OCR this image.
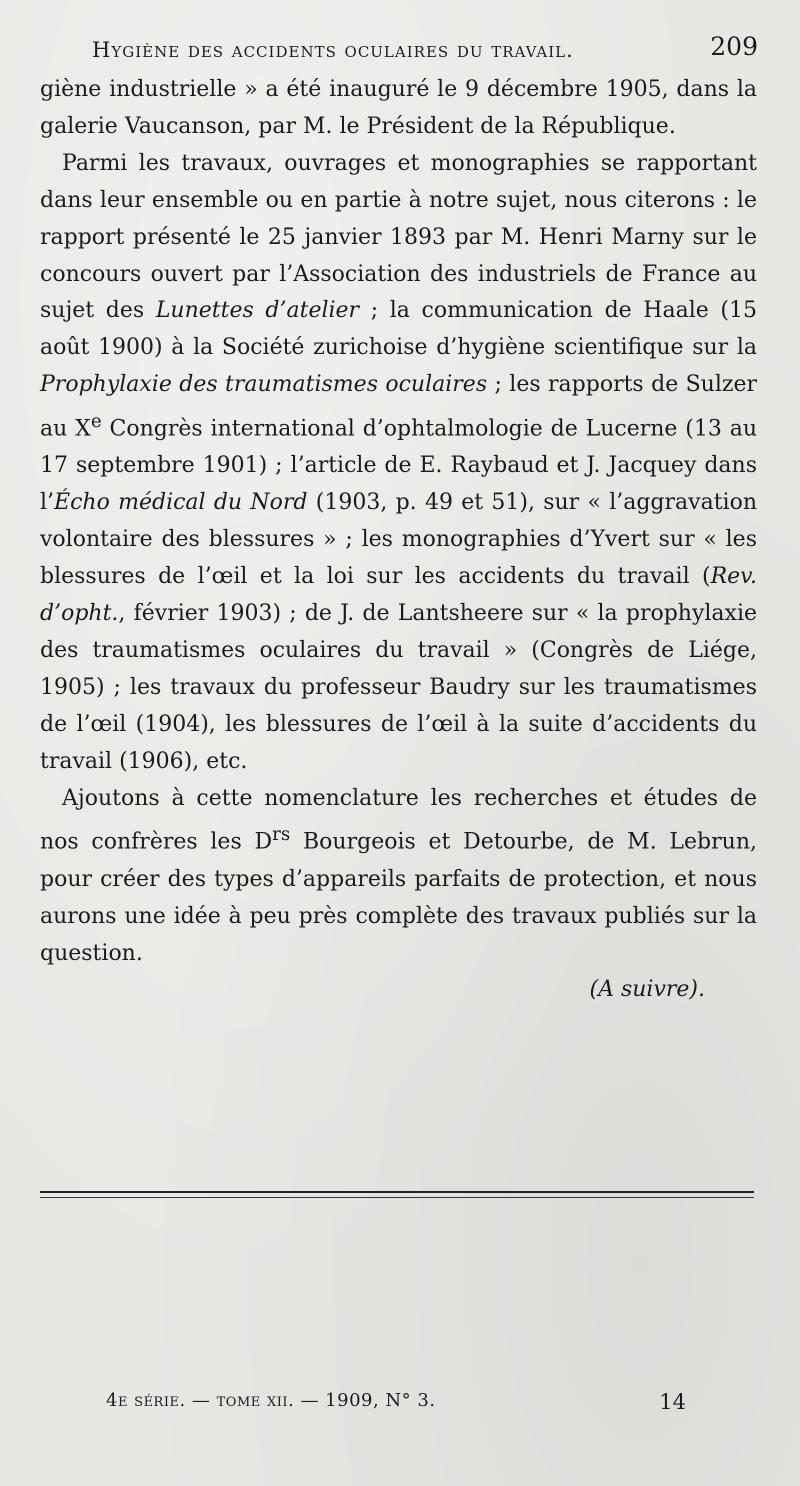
Hygiène des accidents oculaires du travail.	209

giène industrielle » a été inauguré le 9 décembre 1905, dans la galerie Vaucanson, par M. le Président de la République.

Parmi les travaux, ouvrages et monographies se rapportant dans leur ensemble ou en partie à notre sujet, nous citerons : le rapport présenté le 25 janvier 1893 par M. Henri Marny sur le concours ouvert par l’Association des industriels de France au sujet des Lunettes d’atelier ; la communication de Haale (15 août 1900) à la Société zurichoise d’hygiène scientifique sur la Prophylaxie des traumatismes oculaires ; les rapports de Sulzer au Xe Congrès international d’ophtalmologie de Lucerne (13 au 17 septembre 1901) ; l’article de E. Raybaud et J. Jacquey dans l’Écho médical du Nord (1903, p. 49 et 51), sur « l’aggravation volontaire des blessures » ; les monographies d’Yvert sur « les blessures de l’œil et la loi sur les accidents du travail (Rev. d’opht., février 1903) ; de J. de Lantsheere sur « la prophylaxie des traumatismes oculaires du travail » (Congrès de Liége, 1905) ; les travaux du professeur Baudry sur les traumatismes de l’œil (1904), les blessures de l’œil à la suite d’accidents du travail (1906), etc.

Ajoutons à cette nomenclature les recherches et études de nos confrères les $D^{rs}$ Bourgeois et Detourbe, de M. Lebrun, pour créer des types d’appareils parfaits de protection, et nous aurons une idée à peu près complète des travaux publiés sur la question.

(A suivre).

4e série. — tome xii. — 1909, N° 3.	14
